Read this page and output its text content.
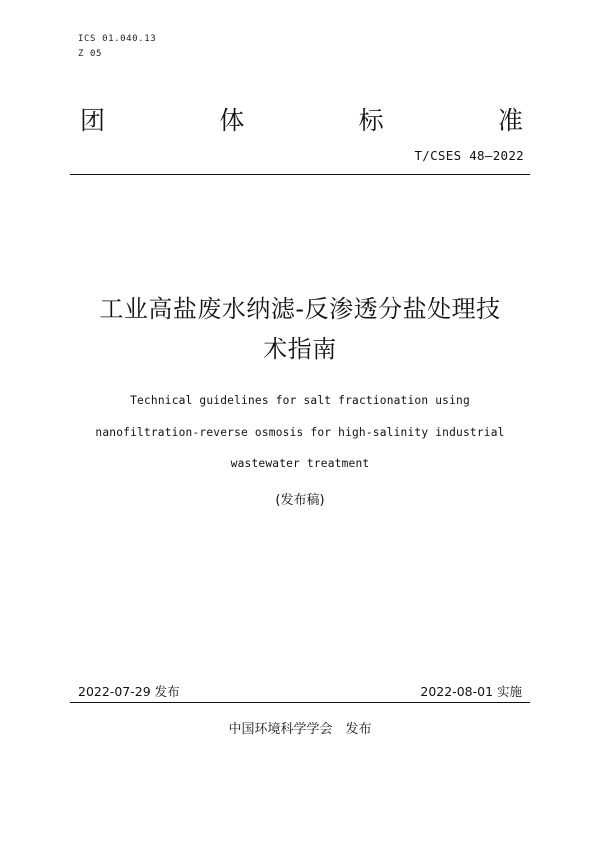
ICS 01.040.13
Z 05
团	体	标	准
T/CSES 48—2022
工业高盐废水纳滤-反渗透分盐处理技
术指南
Technical guidelines for salt fractionation using
nanofiltration-reverse osmosis for high-salinity industrial
wastewater treatment
(发布稿)
2022-07-29 发布	2022-08-01 实施
中国环境科学学会　发布
